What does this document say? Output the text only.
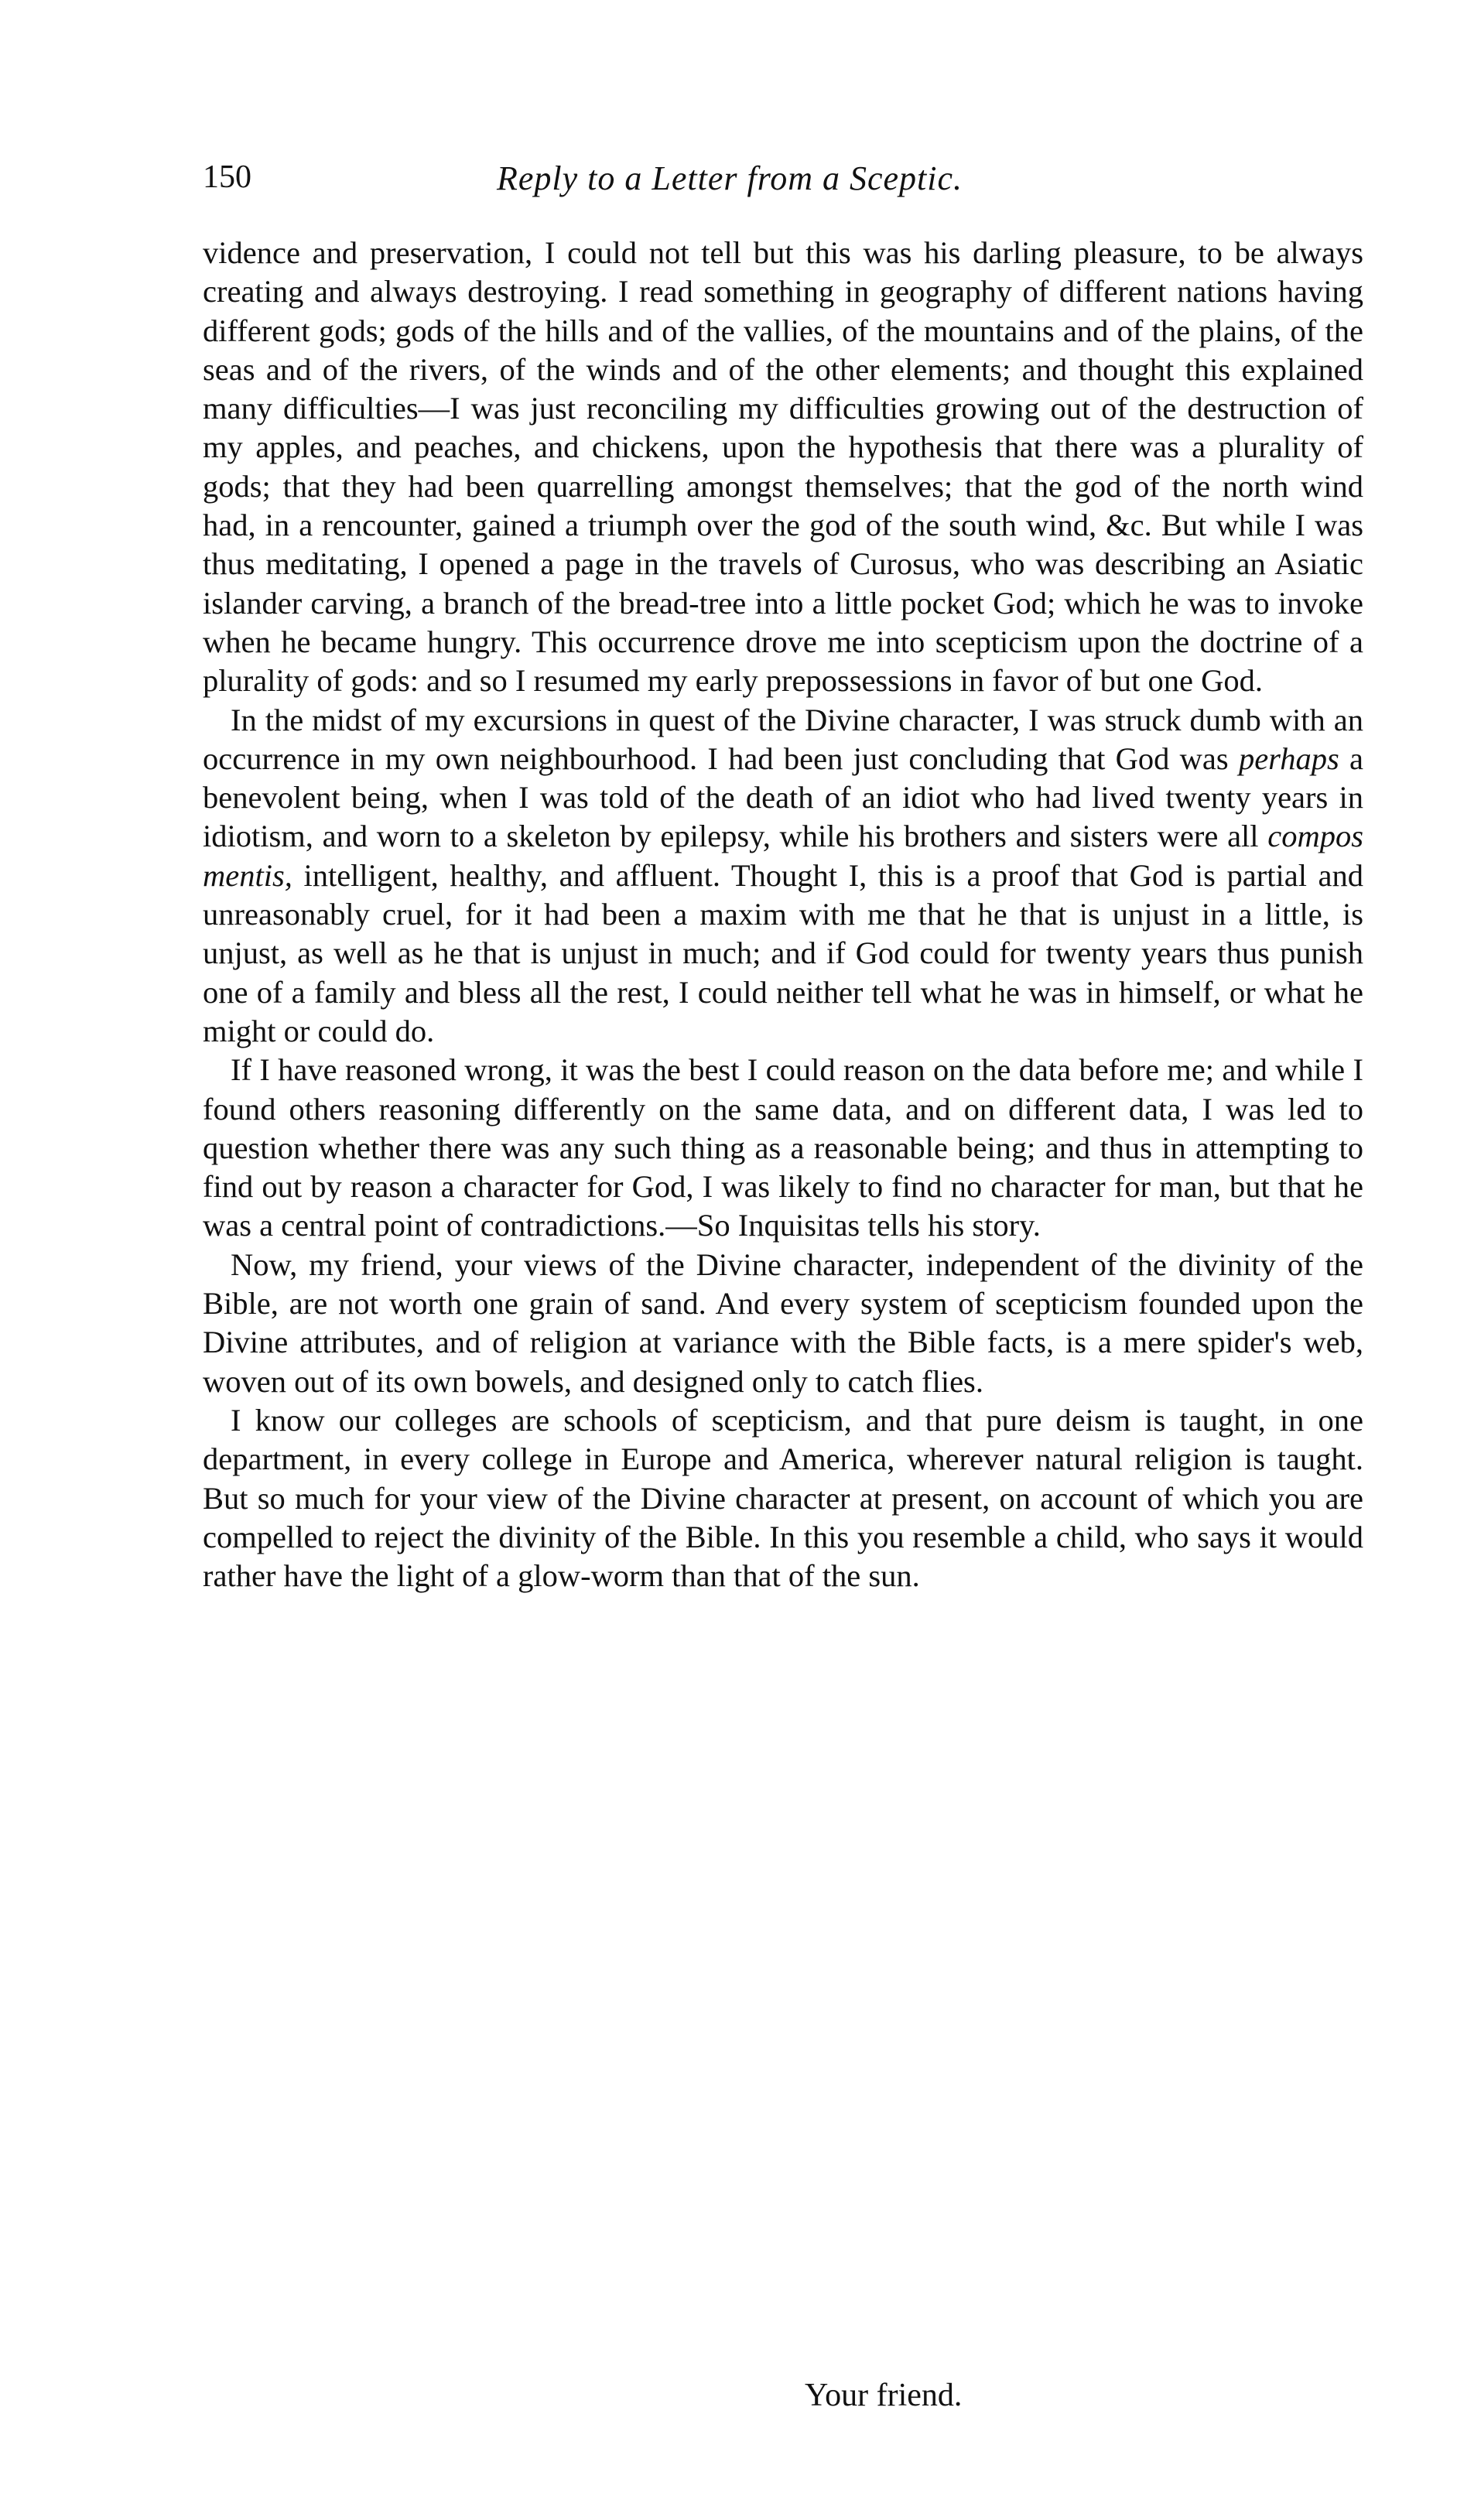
150	Reply to a Letter from a Sceptic.

vidence and preservation, I could not tell but this was his darling pleasure, to be always creating and always destroying. I read something in geography of different nations having different gods; gods of the hills and of the vallies, of the mountains and of the plains, of the seas and of the rivers, of the winds and of the other elements; and thought this explained many difficulties—I was just reconciling my difficulties growing out of the destruction of my apples, and peaches, and chickens, upon the hypothesis that there was a plurality of gods; that they had been quarrelling amongst themselves; that the god of the north wind had, in a rencounter, gained a triumph over the god of the south wind, &c. But while I was thus meditating, I opened a page in the travels of Curosus, who was describing an Asiatic islander carving, a branch of the bread-tree into a little pocket God; which he was to invoke when he became hungry. This occurrence drove me into scepticism upon the doctrine of a plurality of gods: and so I resumed my early prepossessions in favor of but one God.

In the midst of my excursions in quest of the Divine character, I was struck dumb with an occurrence in my own neighbourhood. I had been just concluding that God was perhaps a benevolent being, when I was told of the death of an idiot who had lived twenty years in idiotism, and worn to a skeleton by epilepsy, while his brothers and sisters were all compos mentis, intelligent, healthy, and affluent. Thought I, this is a proof that God is partial and unreasonably cruel, for it had been a maxim with me that he that is unjust in a little, is unjust, as well as he that is unjust in much; and if God could for twenty years thus punish one of a family and bless all the rest, I could neither tell what he was in himself, or what he might or could do.

If I have reasoned wrong, it was the best I could reason on the data before me; and while I found others reasoning differently on the same data, and on different data, I was led to question whether there was any such thing as a reasonable being; and thus in attempting to find out by reason a character for God, I was likely to find no character for man, but that he was a central point of contradictions.—So Inquisitas tells his story.

Now, my friend, your views of the Divine character, independent of the divinity of the Bible, are not worth one grain of sand. And every system of scepticism founded upon the Divine attributes, and of religion at variance with the Bible facts, is a mere spider's web, woven out of its own bowels, and designed only to catch flies.

I know our colleges are schools of scepticism, and that pure deism is taught, in one department, in every college in Europe and America, wherever natural religion is taught. But so much for your view of the Divine character at present, on account of which you are compelled to reject the divinity of the Bible. In this you resemble a child, who says it would rather have the light of a glow-worm than that of the sun.

Your friend.
